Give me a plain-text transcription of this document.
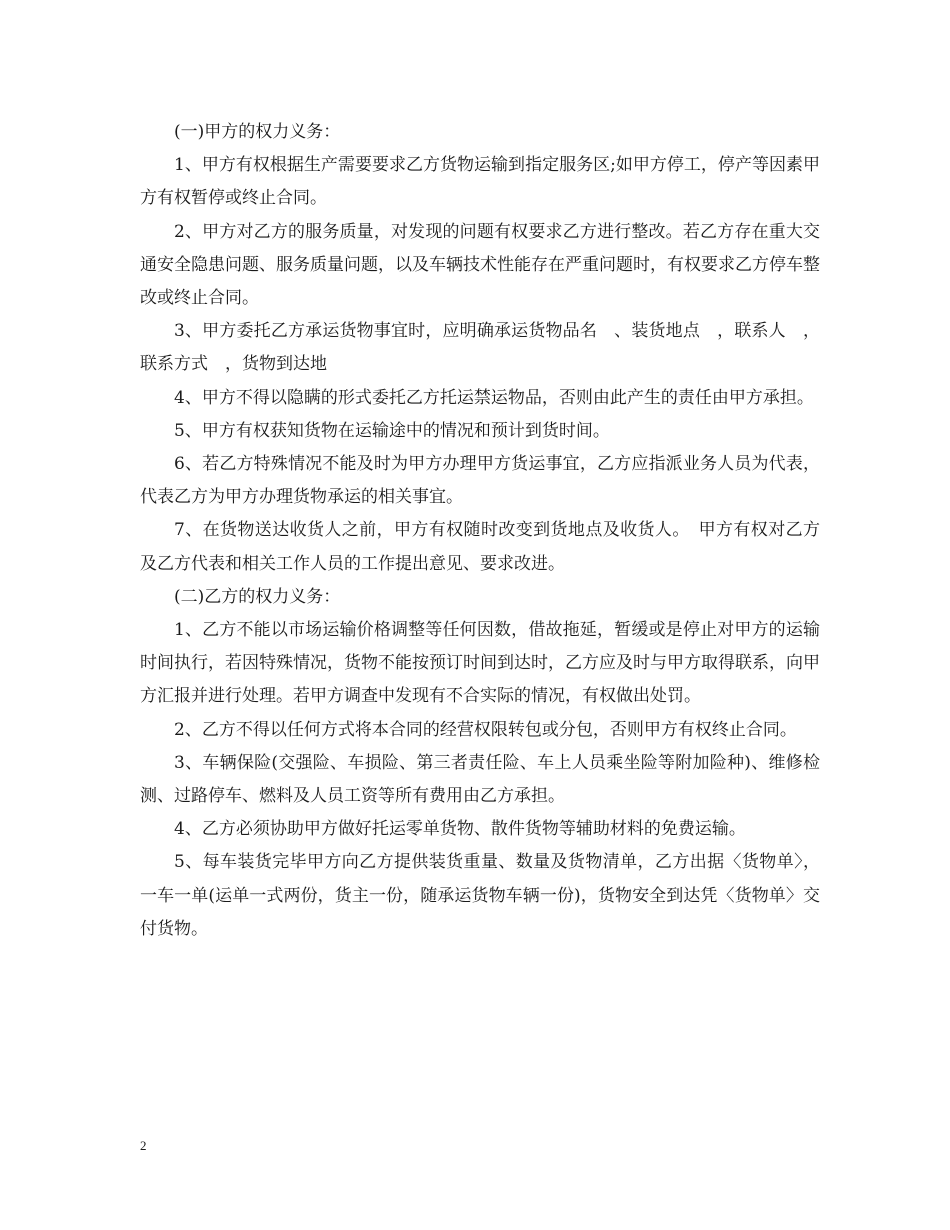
(一)甲方的权力义务：

1、甲方有权根据生产需要要求乙方货物运输到指定服务区;如甲方停工，停产等因素甲方有权暂停或终止合同。

2、甲方对乙方的服务质量，对发现的问题有权要求乙方进行整改。若乙方存在重大交通安全隐患问题、服务质量问题，以及车辆技术性能存在严重问题时，有权要求乙方停车整改或终止合同。

3、甲方委托乙方承运货物事宜时，应明确承运货物品名　、装货地点　，联系人　，联系方式　，货物到达地

4、甲方不得以隐瞒的形式委托乙方托运禁运物品，否则由此产生的责任由甲方承担。

5、甲方有权获知货物在运输途中的情况和预计到货时间。

6、若乙方特殊情况不能及时为甲方办理甲方货运事宜，乙方应指派业务人员为代表，代表乙方为甲方办理货物承运的相关事宜。

7、在货物送达收货人之前，甲方有权随时改变到货地点及收货人。　甲方有权对乙方及乙方代表和相关工作人员的工作提出意见、要求改进。

(二)乙方的权力义务：

1、乙方不能以市场运输价格调整等任何因数，借故拖延，暂缓或是停止对甲方的运输时间执行，若因特殊情况，货物不能按预订时间到达时，乙方应及时与甲方取得联系，向甲方汇报并进行处理。若甲方调查中发现有不合实际的情况，有权做出处罚。

2、乙方不得以任何方式将本合同的经营权限转包或分包，否则甲方有权终止合同。

3、车辆保险(交强险、车损险、第三者责任险、车上人员乘坐险等附加险种)、维修检测、过路停车、燃料及人员工资等所有费用由乙方承担。

4、乙方必须协助甲方做好托运零单货物、散件货物等辅助材料的免费运输。

5、每车装货完毕甲方向乙方提供装货重量、数量及货物清单，乙方出据〈货物单〉，一车一单(运单一式两份，货主一份，随承运货物车辆一份)，货物安全到达凭〈货物单〉交付货物。

2
